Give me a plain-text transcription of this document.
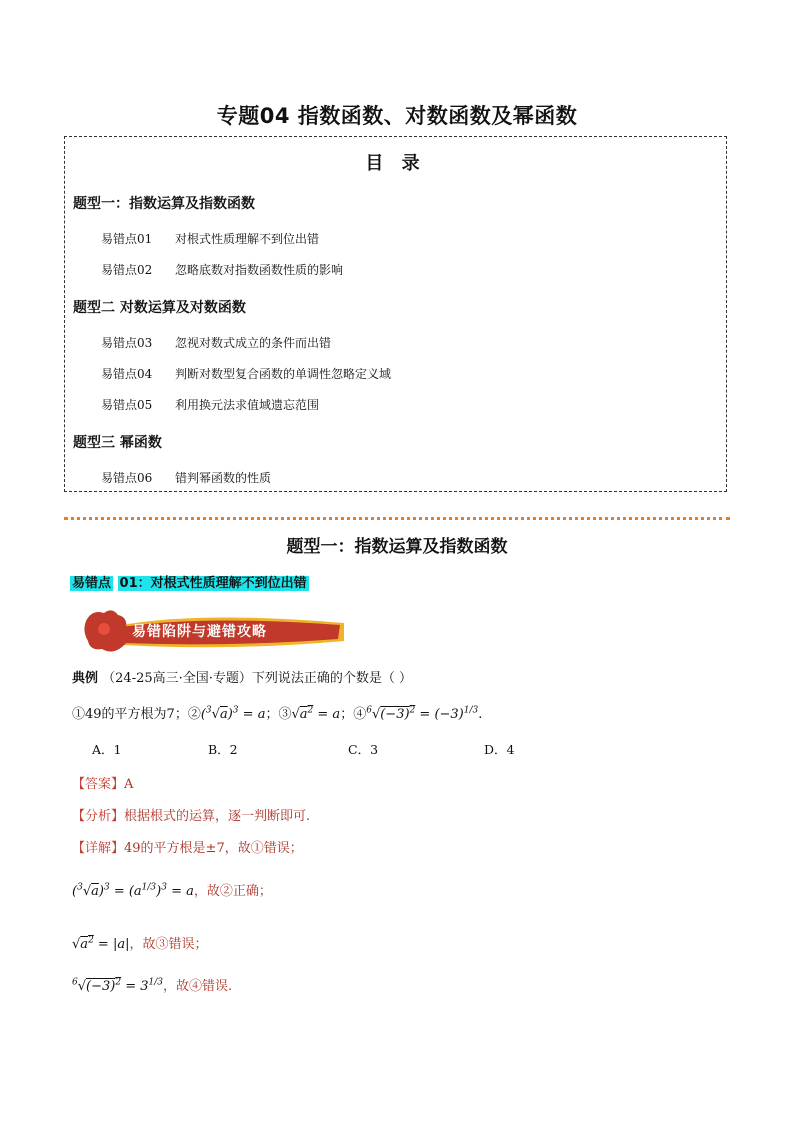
专题04 指数函数、对数函数及幂函数
目 录
题型一：指数运算及指数函数
易错点01 对根式性质理解不到位出错
易错点02 忽略底数对指数函数性质的影响
题型二 对数运算及对数函数
易错点03 忽视对数式成立的条件而出错
易错点04 判断对数型复合函数的单调性忽略定义域
易错点05 利用换元法求值域遗忘范围
题型三 幂函数
易错点06 错判幂函数的性质
题型一：指数运算及指数函数
易错点 01：对根式性质理解不到位出错
易错陷阱与避错攻略
典例 （24-25高三·全国·专题）下列说法正确的个数是（ ）
①49的平方根为7；$②(^3√a)^3 = a$；$③√a^2 = a$；$④^6√(-3)^2 = (-3)^{1/3}$.
A．1	B．2	C．3	D．4
【答案】A
【分析】根据根式的运算，逐一判断即可.
【详解】49的平方根是±7，故①错误；
$(^3√a)^3 = (a^{1/3})^3 = a$，故②正确；
$√a^2 = |a|$，故③错误；
$^6√(-3)^2 = 3^{1/3}$，故④错误.
